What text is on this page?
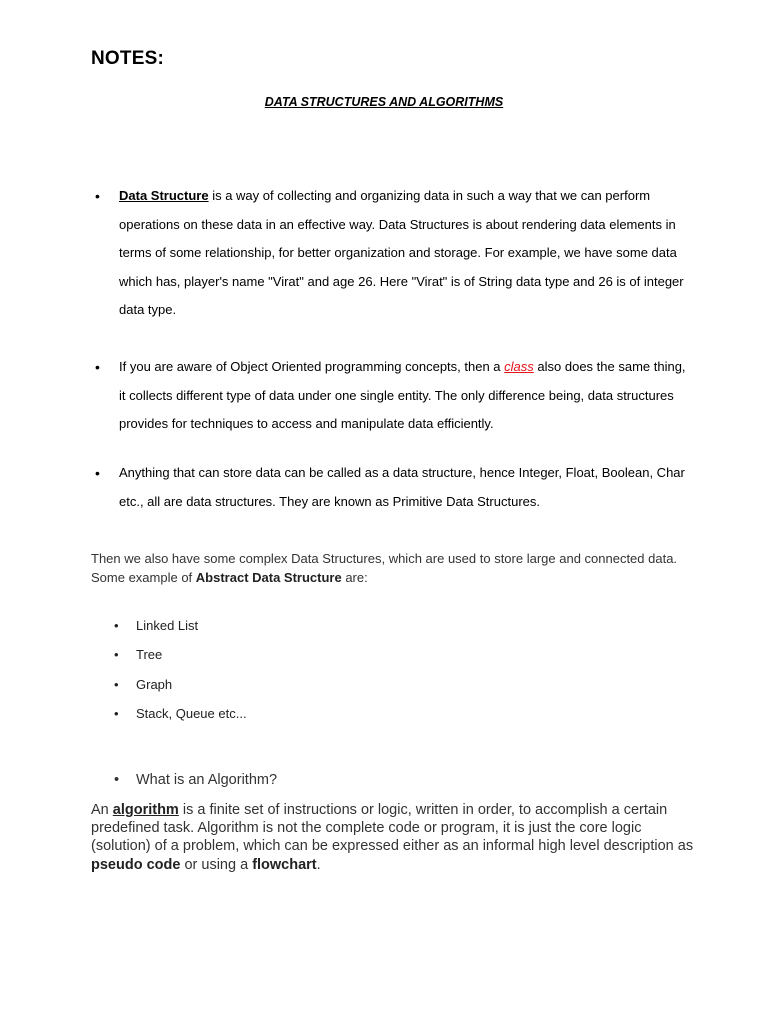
NOTES:
DATA STRUCTURES AND ALGORITHMS
• Data Structure is a way of collecting and organizing data in such a way that we can perform operations on these data in an effective way. Data Structures is about rendering data elements in terms of some relationship, for better organization and storage. For example, we have some data which has, player's name "Virat" and age 26. Here "Virat" is of String data type and 26 is of integer data type.
• If you are aware of Object Oriented programming concepts, then a class also does the same thing, it collects different type of data under one single entity. The only difference being, data structures provides for techniques to access and manipulate data efficiently.
• Anything that can store data can be called as a data structure, hence Integer, Float, Boolean, Char etc., all are data structures. They are known as Primitive Data Structures.
Then we also have some complex Data Structures, which are used to store large and connected data. Some example of Abstract Data Structure are:
• Linked List
• Tree
• Graph
• Stack, Queue etc...
• What is an Algorithm?
An algorithm is a finite set of instructions or logic, written in order, to accomplish a certain predefined task. Algorithm is not the complete code or program, it is just the core logic (solution) of a problem, which can be expressed either as an informal high level description as pseudo code or using a flowchart.
